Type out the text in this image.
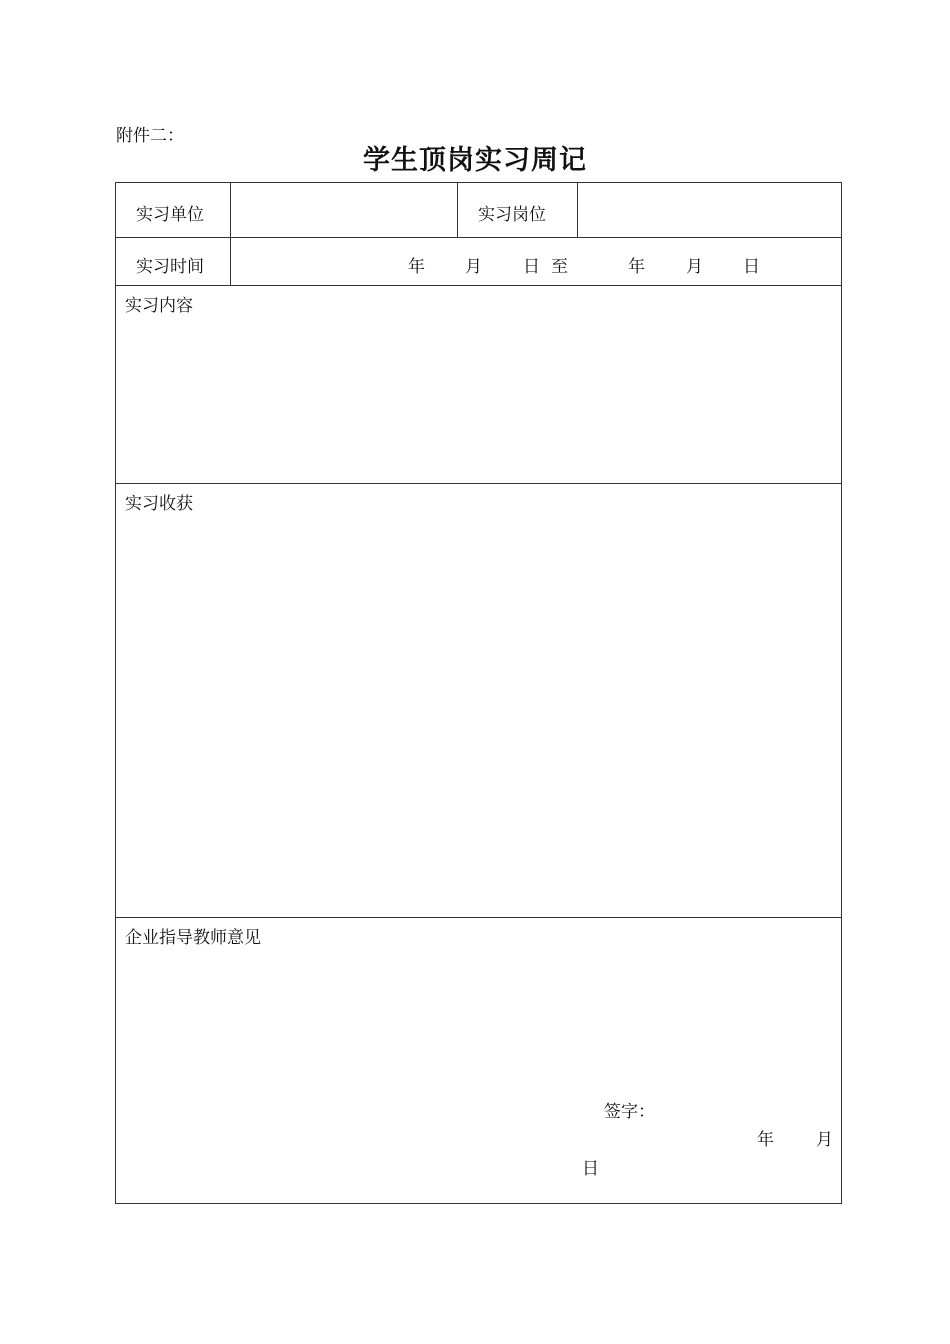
附件二：
学生顶岗实习周记
实习单位	实习岗位
实习时间	年 月 日 至	年 月 日
实习内容
实习收获
企业指导教师意见
签字：
年 月
日
